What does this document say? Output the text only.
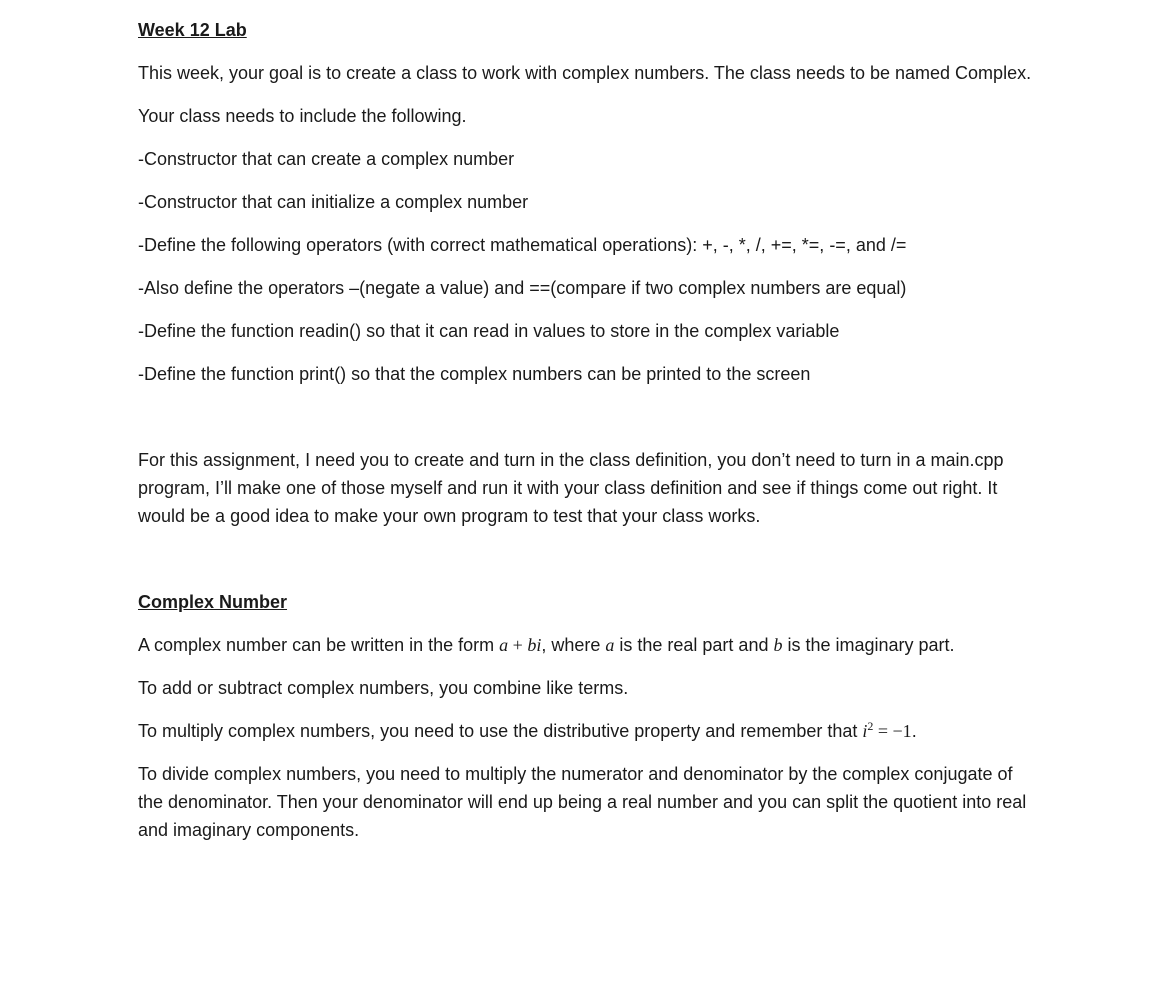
Week 12 Lab

This week, your goal is to create a class to work with complex numbers. The class needs to be named Complex.

Your class needs to include the following.

-Constructor that can create a complex number

-Constructor that can initialize a complex number

-Define the following operators (with correct mathematical operations): +, -, *, /, +=, *=, -=, and /=

-Also define the operators –(negate a value) and ==(compare if two complex numbers are equal)

-Define the function readin() so that it can read in values to store in the complex variable

-Define the function print() so that the complex numbers can be printed to the screen

For this assignment, I need you to create and turn in the class definition, you don’t need to turn in a main.cpp program, I’ll make one of those myself and run it with your class definition and see if things come out right. It would be a good idea to make your own program to test that your class works.

Complex Number

A complex number can be written in the form a + bi, where a is the real part and b is the imaginary part.

To add or subtract complex numbers, you combine like terms.

To multiply complex numbers, you need to use the distributive property and remember that $i^2 = -1$.

To divide complex numbers, you need to multiply the numerator and denominator by the complex conjugate of the denominator. Then your denominator will end up being a real number and you can split the quotient into real and imaginary components.
